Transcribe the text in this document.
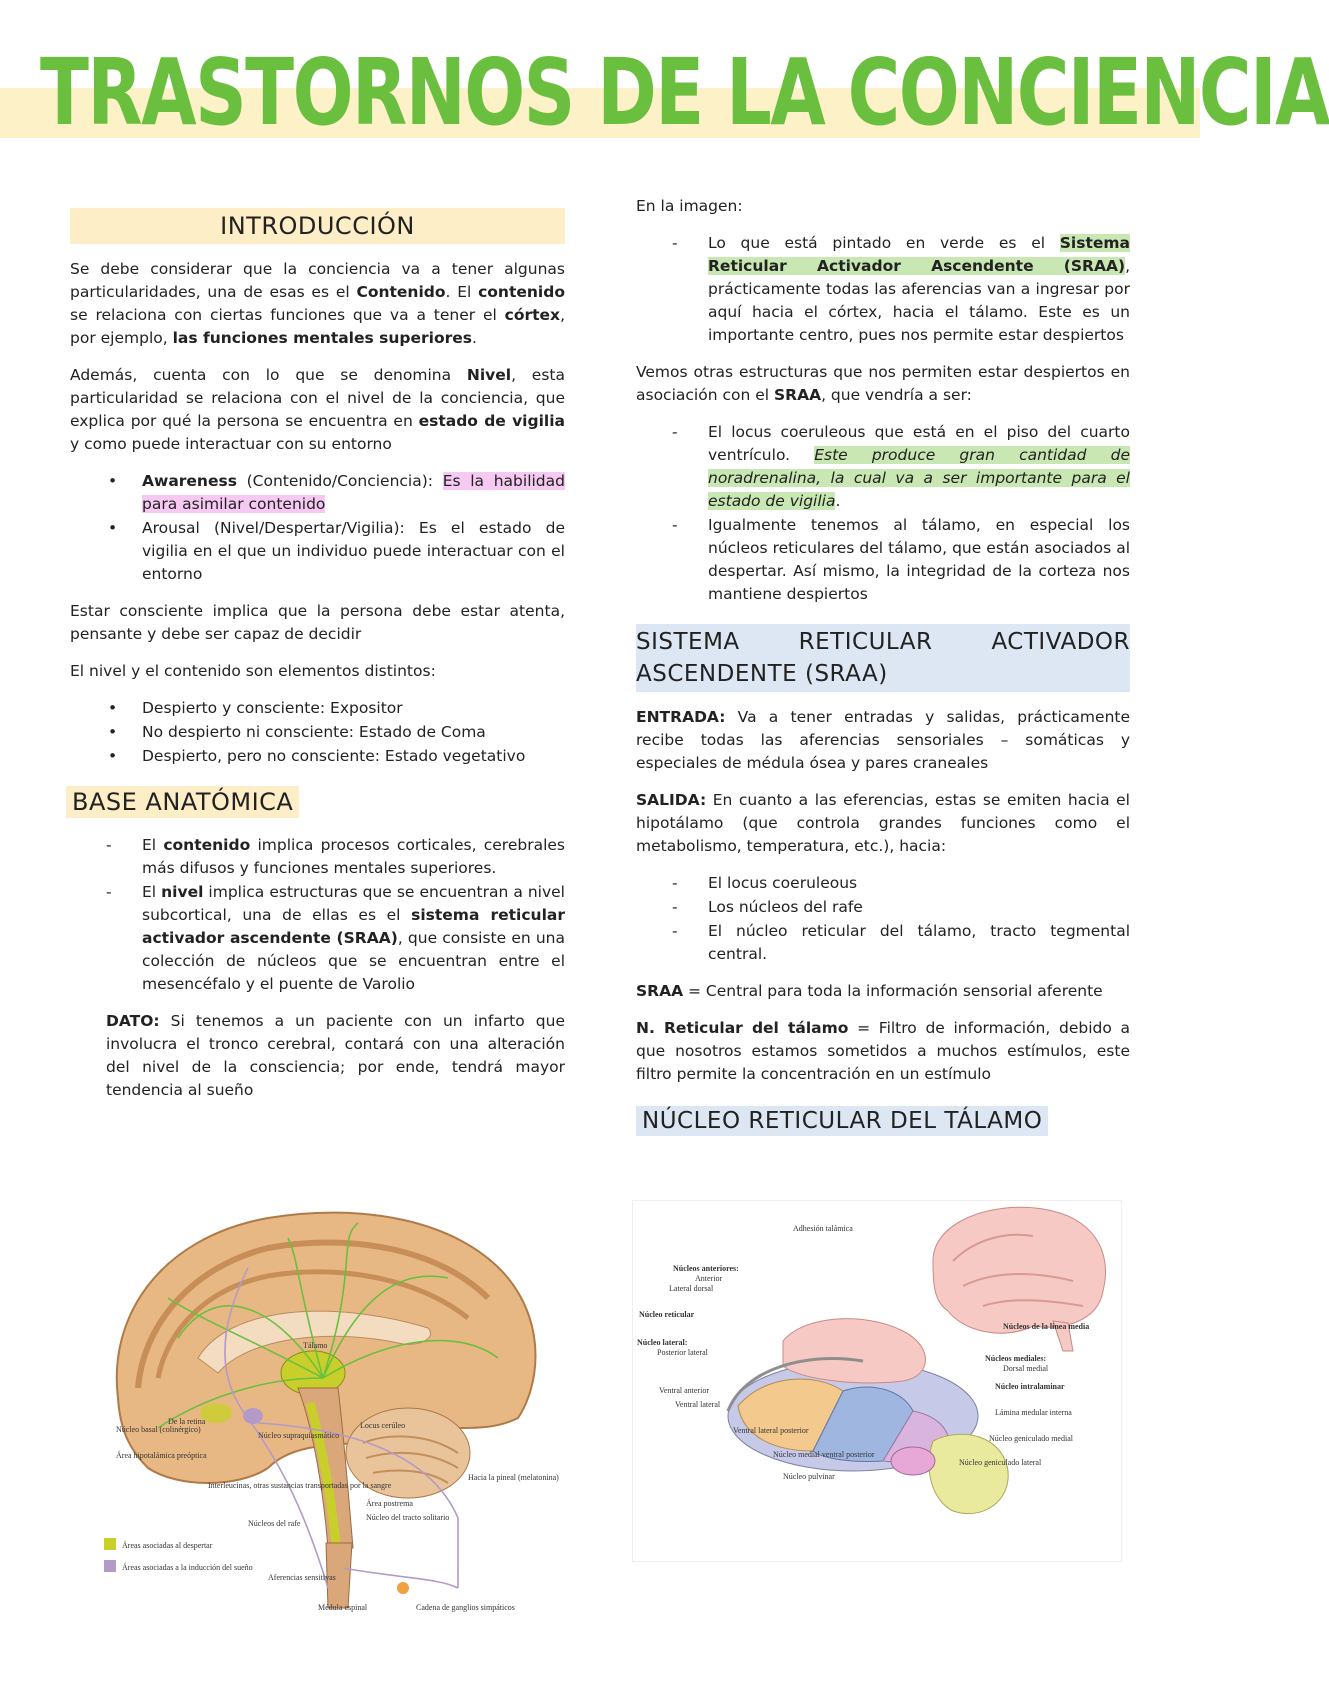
TRASTORNOS DE LA CONCIENCIA
INTRODUCCIÓN

Se debe considerar que la conciencia va a tener algunas particularidades, una de esas es el Contenido. El contenido se relaciona con ciertas funciones que va a tener el córtex, por ejemplo, las funciones mentales superiores.

Además, cuenta con lo que se denomina Nivel, esta particularidad se relaciona con el nivel de la conciencia, que explica por qué la persona se encuentra en estado de vigilia y como puede interactuar con su entorno

• Awareness (Contenido/Conciencia): Es la habilidad para asimilar contenido
• Arousal (Nivel/Despertar/Vigilia): Es el estado de vigilia en el que un individuo puede interactuar con el entorno

Estar consciente implica que la persona debe estar atenta, pensante y debe ser capaz de decidir

El nivel y el contenido son elementos distintos:

• Despierto y consciente: Expositor
• No despierto ni consciente: Estado de Coma
• Despierto, pero no consciente: Estado vegetativo
BASE ANATÓMICA
- El contenido implica procesos corticales, cerebrales más difusos y funciones mentales superiores.
- El nivel implica estructuras que se encuentran a nivel subcortical, una de ellas es el sistema reticular activador ascendente (SRAA), que consiste en una colección de núcleos que se encuentran entre el mesencéfalo y el puente de Varolio

DATO: Si tenemos a un paciente con un infarto que involucra el tronco cerebral, contará con una alteración del nivel de la consciencia; por ende, tendrá mayor tendencia al sueño

Tálamo
Núcleo basal (colinérgico)
De la retina
Área hipotalámica preóptica
Núcleo supraquiasmático
Interleucinas, otras sustancias transportadas por la sangre
Núcleos del rafe
Área postrema
Núcleo del tracto solitario
Aferencias sensitivas
Médula espinal	Cadena de ganglios simpáticos
Hacia la pineal (melatonina)
Locus cerúleo
Áreas asociadas al despertar
Áreas asociadas a la inducción del sueño

En la imagen:

- Lo que está pintado en verde es el Sistema Reticular Activador Ascendente (SRAA), prácticamente todas las aferencias van a ingresar por aquí hacia el córtex, hacia el tálamo. Este es un importante centro, pues nos permite estar despiertos

Vemos otras estructuras que nos permiten estar despiertos en asociación con el SRAA, que vendría a ser:

- El locus coeruleous que está en el piso del cuarto ventrículo. Este produce gran cantidad de noradrenalina, la cual va a ser importante para el estado de vigilia.
- Igualmente tenemos al tálamo, en especial los núcleos reticulares del tálamo, que están asociados al despertar. Así mismo, la integridad de la corteza nos mantiene despiertos
SISTEMA RETICULAR ACTIVADOR ASCENDENTE (SRAA)

ENTRADA: Va a tener entradas y salidas, prácticamente recibe todas las aferencias sensoriales – somáticas y especiales de médula ósea y pares craneales

SALIDA: En cuanto a las eferencias, estas se emiten hacia el hipotálamo (que controla grandes funciones como el metabolismo, temperatura, etc.), hacia:

- El locus coeruleous
- Los núcleos del rafe
- El núcleo reticular del tálamo, tracto tegmental central.

SRAA = Central para toda la información sensorial aferente

N. Reticular del tálamo = Filtro de información, debido a que nosotros estamos sometidos a muchos estímulos, este filtro permite la concentración en un estímulo

NÚCLEO RETICULAR DEL TÁLAMO
Adhesión talámica
Núcleos anteriores:
Anterior
Lateral dorsal
Núcleo reticular
Núcleo lateral:
Posterior lateral
Ventral anterior
Ventral lateral
Ventral lateral posterior
Núcleo medial ventral posterior
Núcleo pulvinar
Núcleos de la línea media
Núcleos mediales:
Dorsal medial
Núcleo intralaminar
Lámina medular interna
Núcleo geniculado medial
Núcleo geniculado lateral
